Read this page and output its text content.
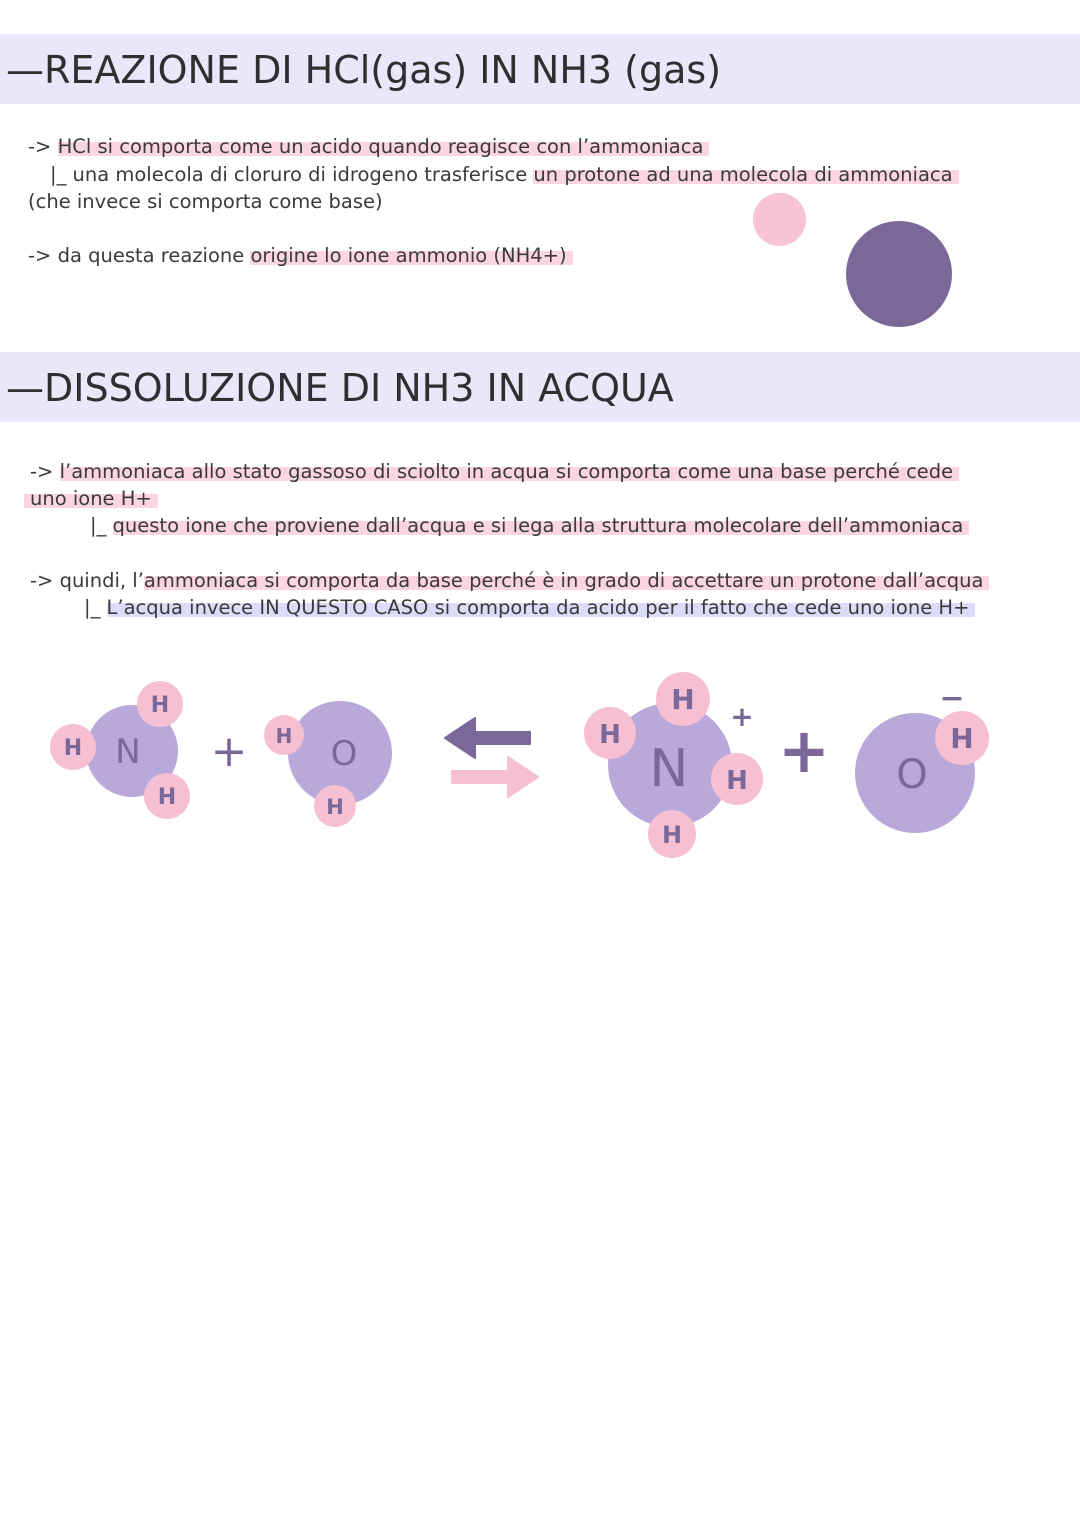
—REAZIONE DI HCl(gas) IN NH3 (gas)
-> HCl si comporta come un acido quando reagisce con l’ammoniaca
|_ una molecola di cloruro di idrogeno trasferisce un protone ad una molecola di ammoniaca
(che invece si comporta come base)
-> da questa reazione origine lo ione ammonio (NH4+)
—DISSOLUZIONE DI NH3 IN ACQUA
-> l’ammoniaca allo stato gassoso di sciolto in acqua si comporta come una base perché cede
uno ione H+
|_ questo ione che proviene dall’acqua e si lega alla struttura molecolare dell’ammoniaca
-> quindi, l’ammoniaca si comporta da base perché è in grado di accettare un protone dall’acqua
|_ L’acqua invece IN QUESTO CASO si comporta da acido per il fatto che cede uno ione H+
N
H
H
H
+ O
H
H
N
H
H
H
H
+ + O
H
−
